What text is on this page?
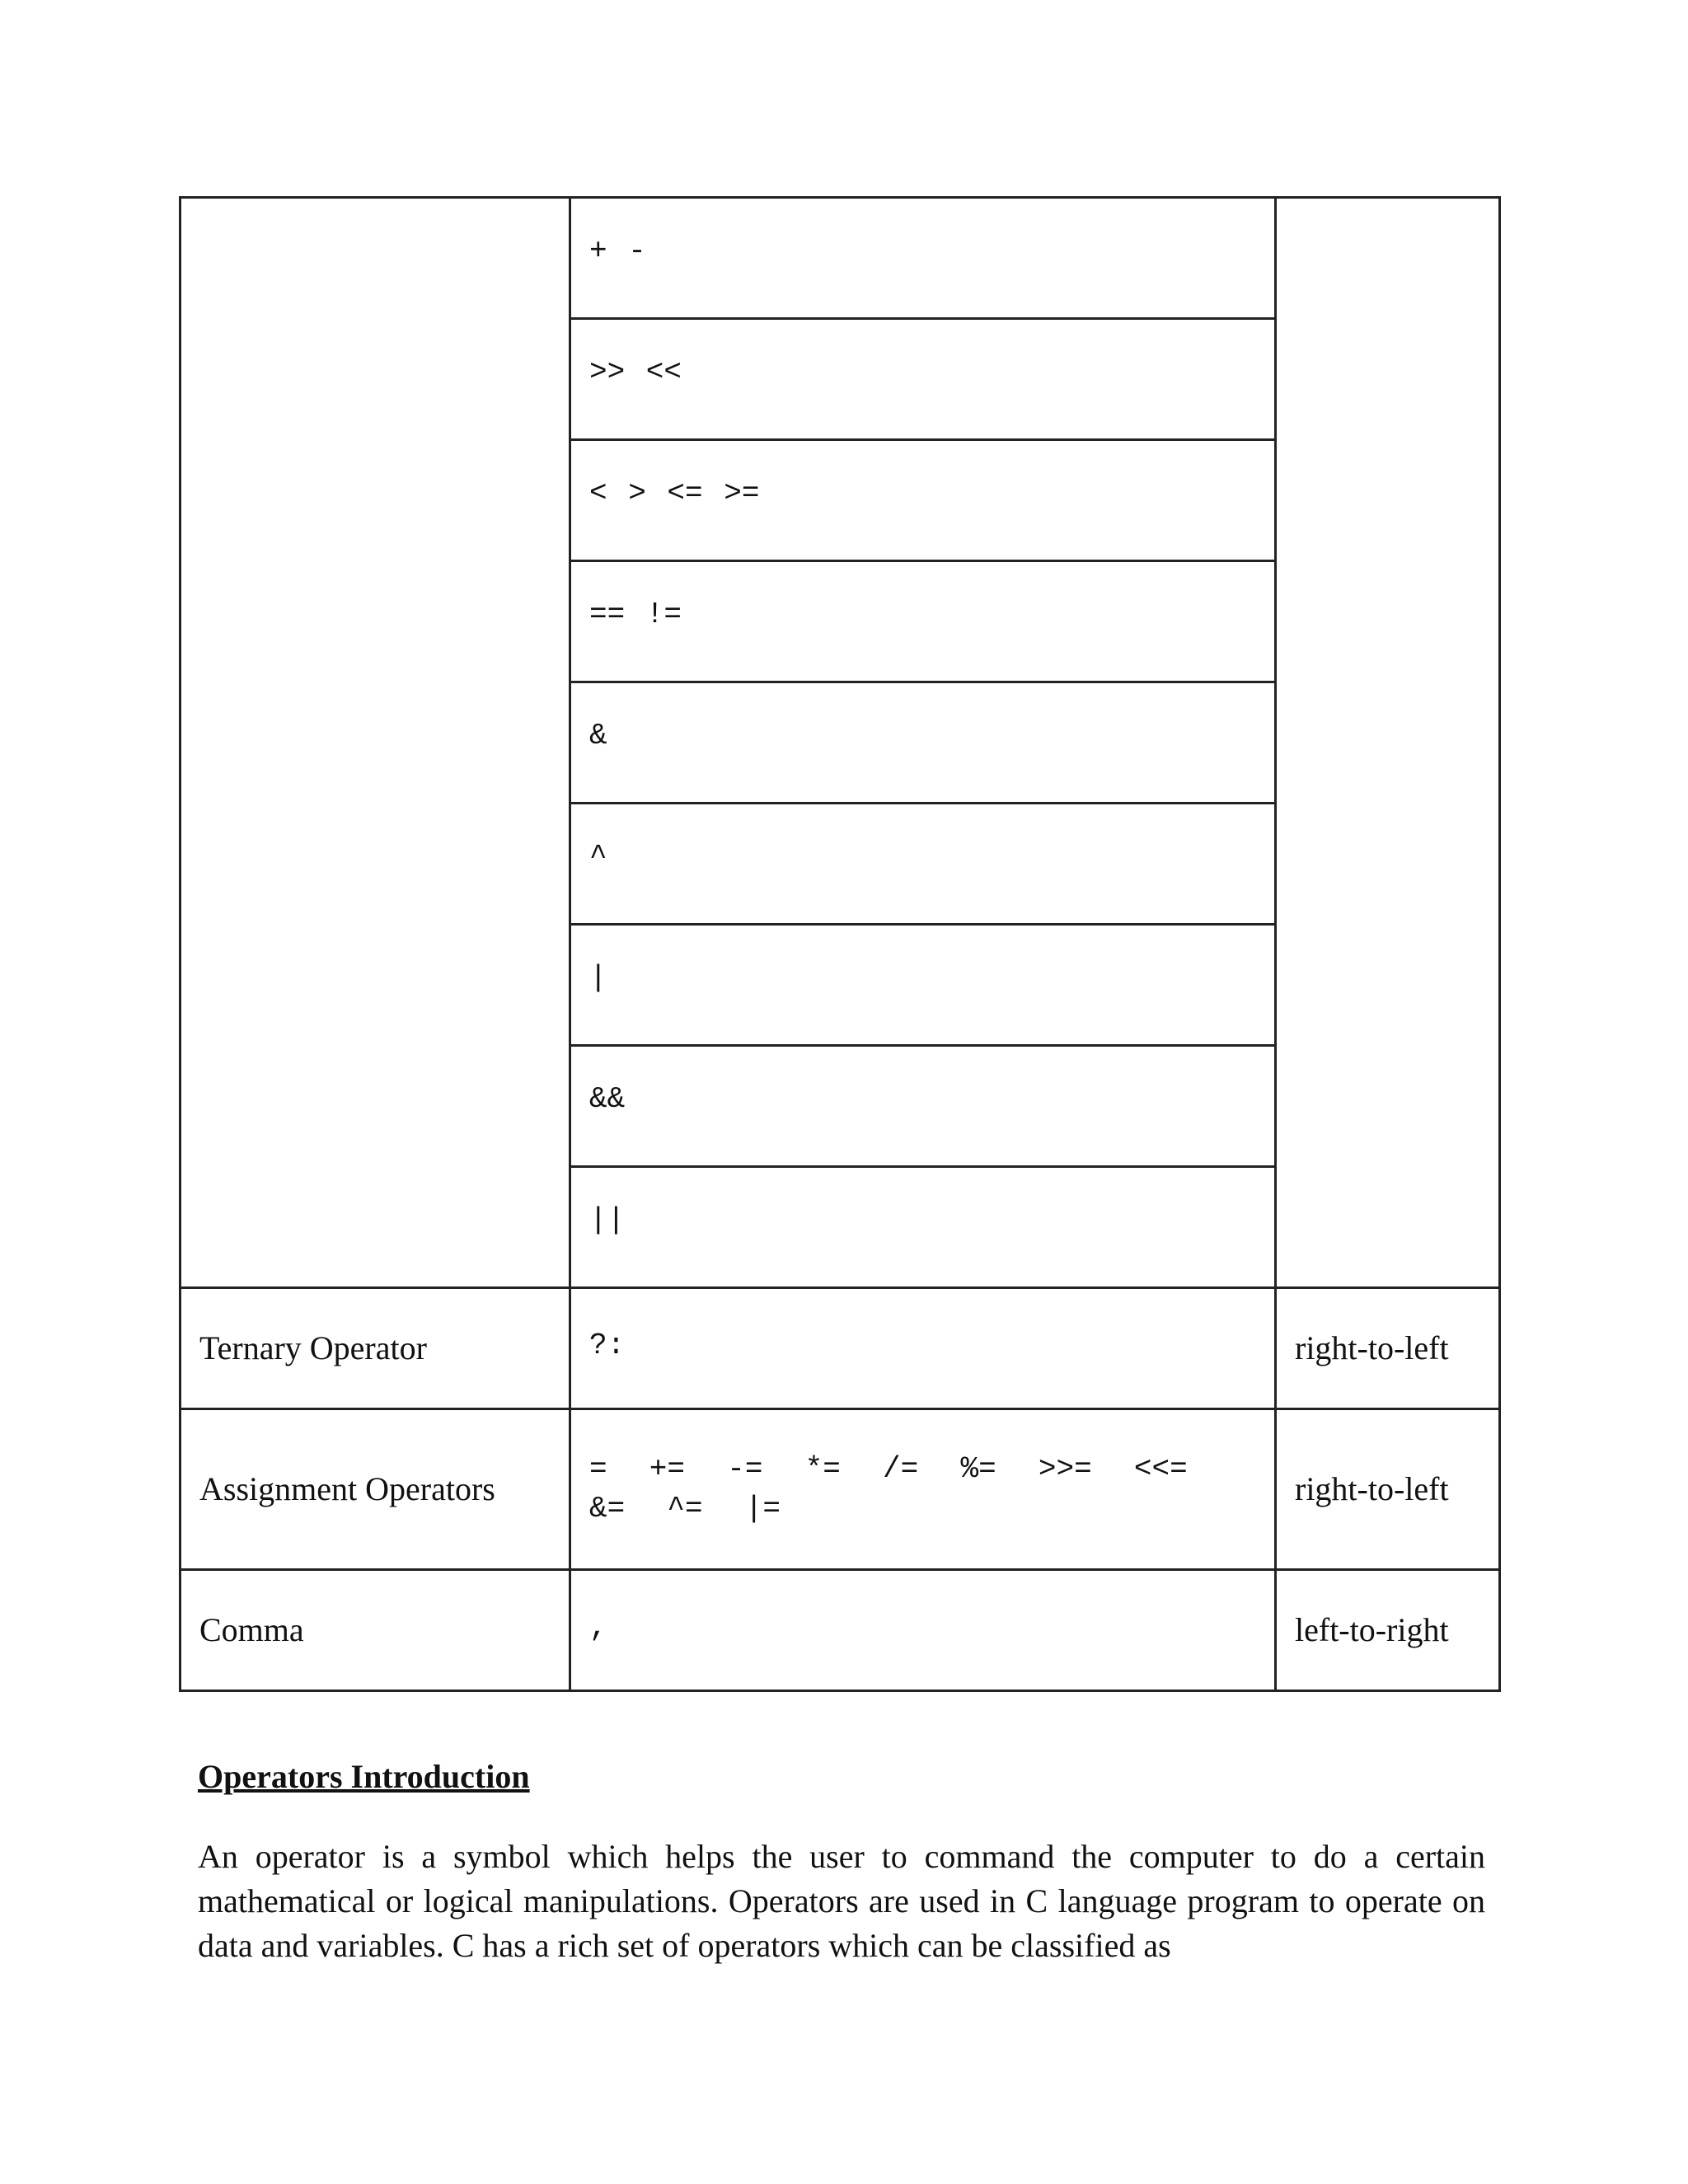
	+ -	

	>> <<	

	< > <= >=	

	== !=	

	&	

	^	

	|	

	&&	

	||	

Ternary Operator	?:	right-to-left

Assignment Operators	=  +=  -=  *=  /=  %=  >>=  <<=  &=  ^=  |=	right-to-left

Comma	,	left-to-right
Operators Introduction
An operator is a symbol which helps the user to command the computer to do a certain mathematical or logical manipulations. Operators are used in C language program to operate on data and variables. C has a rich set of operators which can be classified as
